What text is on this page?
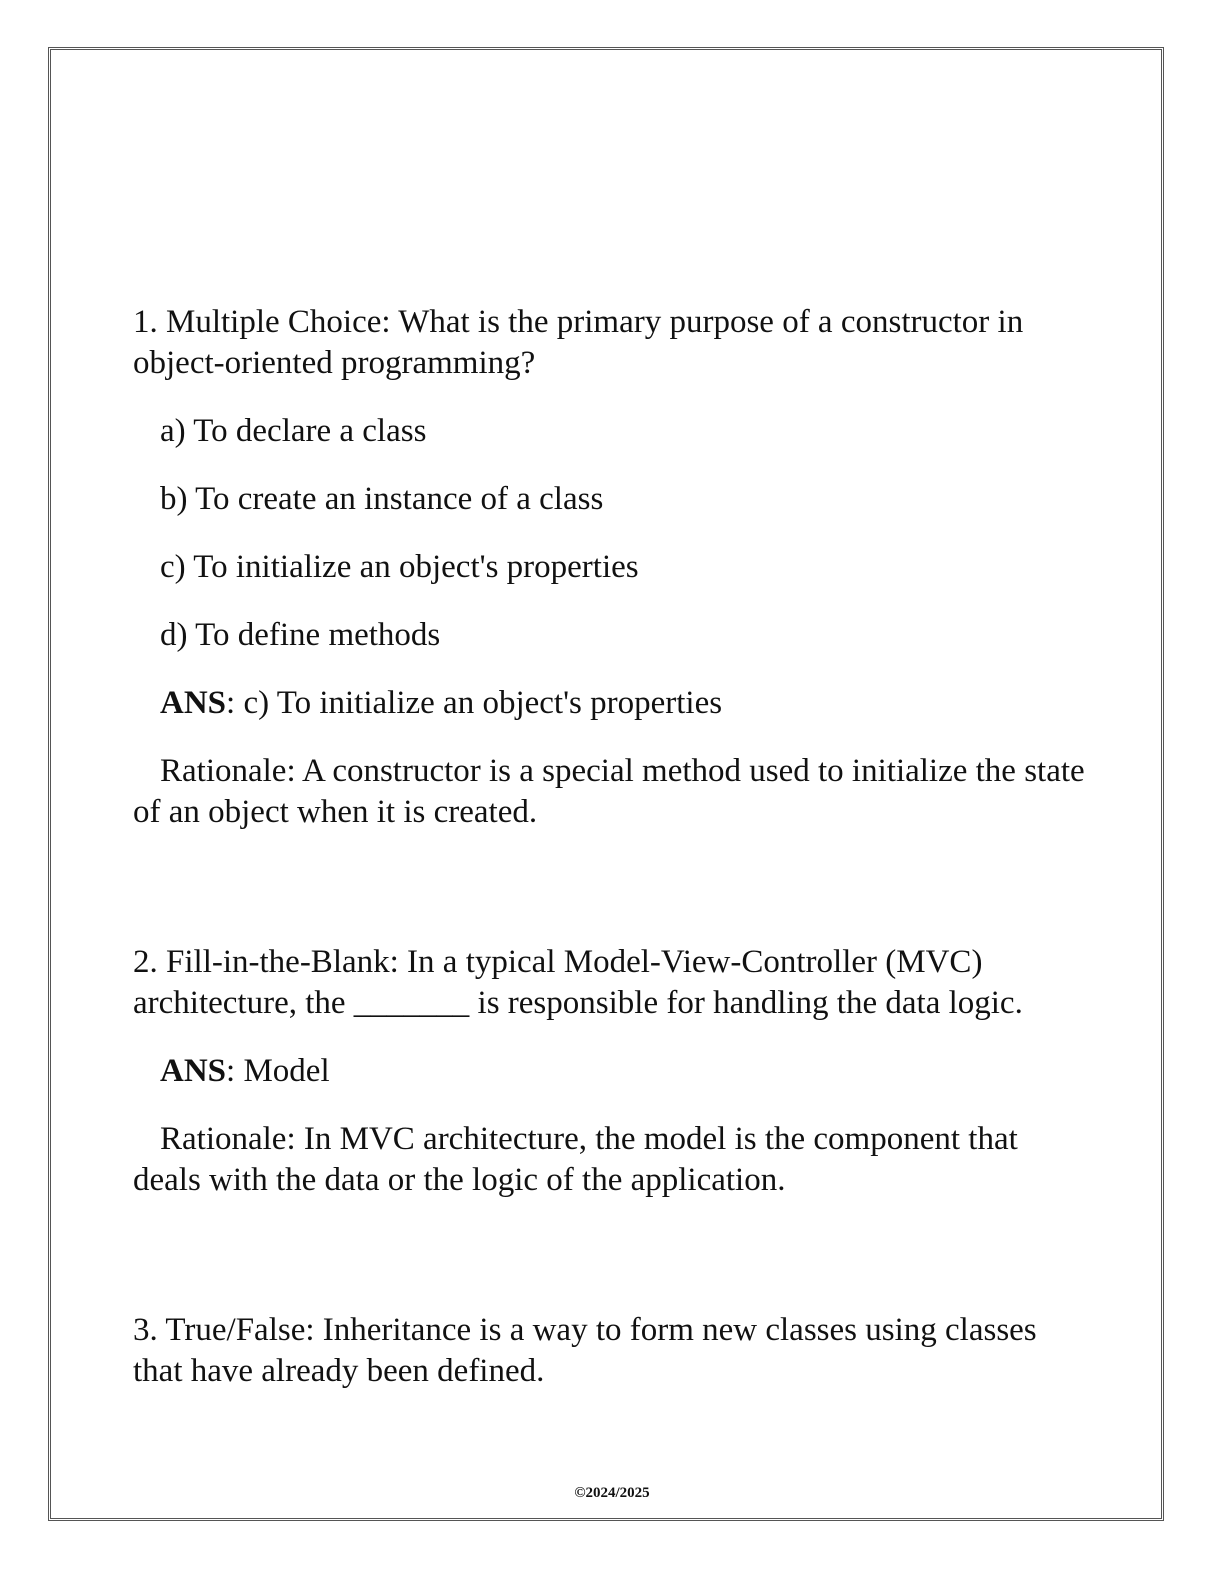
1. Multiple Choice: What is the primary purpose of a constructor in object-oriented programming?

a) To declare a class

b) To create an instance of a class

c) To initialize an object's properties

d) To define methods

ANS: c) To initialize an object's properties

Rationale: A constructor is a special method used to initialize the state of an object when it is created.

2. Fill-in-the-Blank: In a typical Model-View-Controller (MVC) architecture, the _______ is responsible for handling the data logic.

ANS: Model

Rationale: In MVC architecture, the model is the component that deals with the data or the logic of the application.

3. True/False: Inheritance is a way to form new classes using classes that have already been defined.

©2024/2025
